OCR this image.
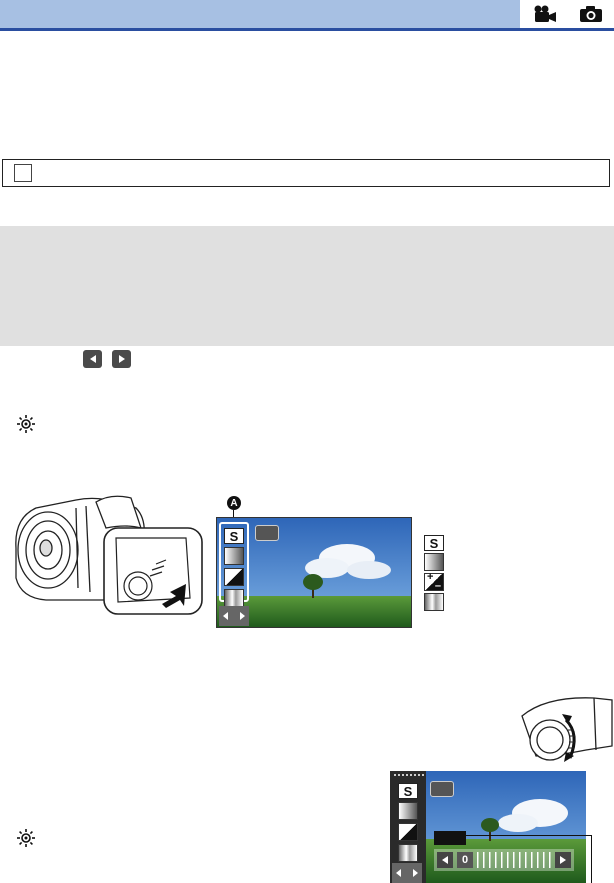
A
S	S
+
–
S
0
